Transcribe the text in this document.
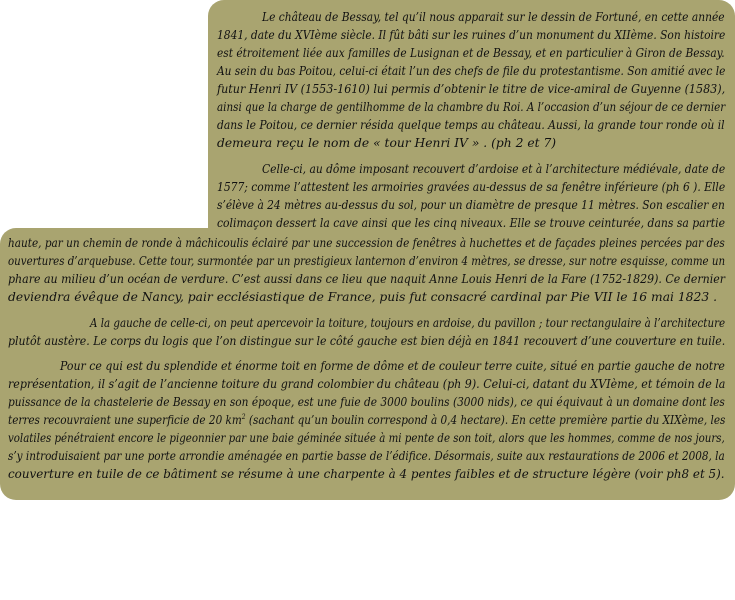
Le château de Bessay, tel qu’il nous apparait sur le dessin de Fortuné, en cette année
1841, date du XVIème siècle. Il fût bâti sur les ruines d’un monument du XIIème. Son histoire
est étroitement liée aux familles de Lusignan et de Bessay, et en particulier à Giron de Bessay.
Au sein du bas Poitou, celui-ci était l’un des chefs de file du protestantisme. Son amitié avec le
futur Henri IV (1553-1610) lui permis d’obtenir le titre de vice-amiral de Guyenne (1583),
ainsi que la charge de gentilhomme de la chambre du Roi. A l’occasion d’un séjour de ce dernier
dans le Poitou, ce dernier résida quelque temps au château. Aussi, la grande tour ronde où il
demeura reçu le nom de « tour Henri IV » . (ph 2 et 7)
Celle-ci, au dôme imposant recouvert d’ardoise et à l’architecture médiévale, date de
1577; comme l’attestent les armoiries gravées au-dessus de sa fenêtre inférieure (ph 6 ). Elle
s’élève à 24 mètres au-dessus du sol, pour un diamètre de presque 11 mètres. Son escalier en
colimaçon dessert la cave ainsi que les cinq niveaux. Elle se trouve ceinturée, dans sa partie
haute, par un chemin de ronde à mâchicoulis éclairé par une succession de fenêtres à huchettes et de façades pleines percées par des
ouvertures d’arquebuse. Cette tour, surmontée par un prestigieux lanternon d’environ 4 mètres, se dresse, sur notre esquisse, comme un
phare au milieu d’un océan de verdure. C’est aussi dans ce lieu que naquit Anne Louis Henri de la Fare (1752-1829). Ce dernier
deviendra évêque de Nancy, pair ecclésiastique de France, puis fut consacré cardinal par Pie VII le 16 mai 1823 .
A la gauche de celle-ci, on peut apercevoir la toiture, toujours en ardoise, du pavillon ; tour rectangulaire à l’architecture
plutôt austère. Le corps du logis que l’on distingue sur le côté gauche est bien déjà en 1841 recouvert d’une couverture en tuile.
Pour ce qui est du splendide et énorme toit en forme de dôme et de couleur terre cuite, situé en partie gauche de notre
représentation, il s’agit de l’ancienne toiture du grand colombier du château (ph 9). Celui-ci, datant du XVIème, et témoin de la
puissance de la chastelerie de Bessay en son époque, est une fuie de 3000 boulins (3000 nids), ce qui équivaut à un domaine dont les
terres recouvraient une superficie de 20 $km^2$ (sachant qu’un boulin correspond à 0,4 hectare). En cette première partie du XIXème, les
volatiles pénétraient encore le pigeonnier par une baie géminée située à mi pente de son toit, alors que les hommes, comme de nos jours,
s’y introduisaient par une porte arrondie aménagée en partie basse de l’édifice. Désormais, suite aux restaurations de 2006 et 2008, la
couverture en tuile de ce bâtiment se résume à une charpente à 4 pentes faibles et de structure légère (voir ph8 et 5).
